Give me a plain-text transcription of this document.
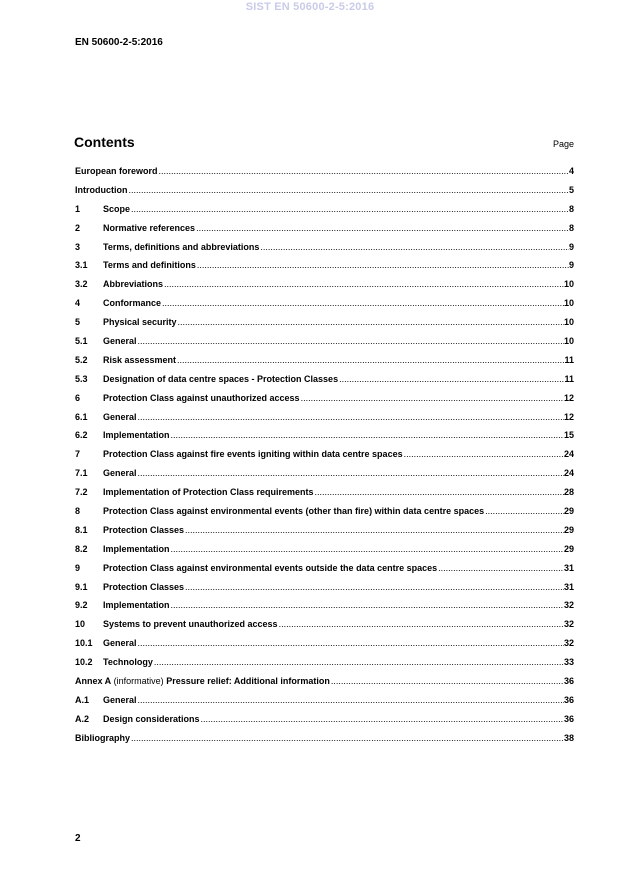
SIST EN 50600-2-5:2016
EN 50600-2-5:2016
Contents	Page
European foreword .....	4
Introduction .....	5
1	Scope .....	8
2	Normative references .....	8
3	Terms, definitions and abbreviations .....	9
3.1	Terms and definitions .....	9
3.2	Abbreviations .....	10
4	Conformance .....	10
5	Physical security .....	10
5.1	General .....	10
5.2	Risk assessment .....	11
5.3	Designation of data centre spaces - Protection Classes .....	11
6	Protection Class against unauthorized access .....	12
6.1	General .....	12
6.2	Implementation .....	15
7	Protection Class against fire events igniting within data centre spaces .....	24
7.1	General .....	24
7.2	Implementation of Protection Class requirements .....	28
8	Protection Class against environmental events (other than fire) within data centre spaces .....	29
8.1	Protection Classes .....	29
8.2	Implementation .....	29
9	Protection Class against environmental events outside the data centre spaces .....	31
9.1	Protection Classes .....	31
9.2	Implementation .....	32
10	Systems to prevent unauthorized access .....	32
10.1	General .....	32
10.2	Technology .....	33
Annex A (informative) Pressure relief: Additional information .....	36
A.1	General .....	36
A.2	Design considerations .....	36
Bibliography .....	38
2
